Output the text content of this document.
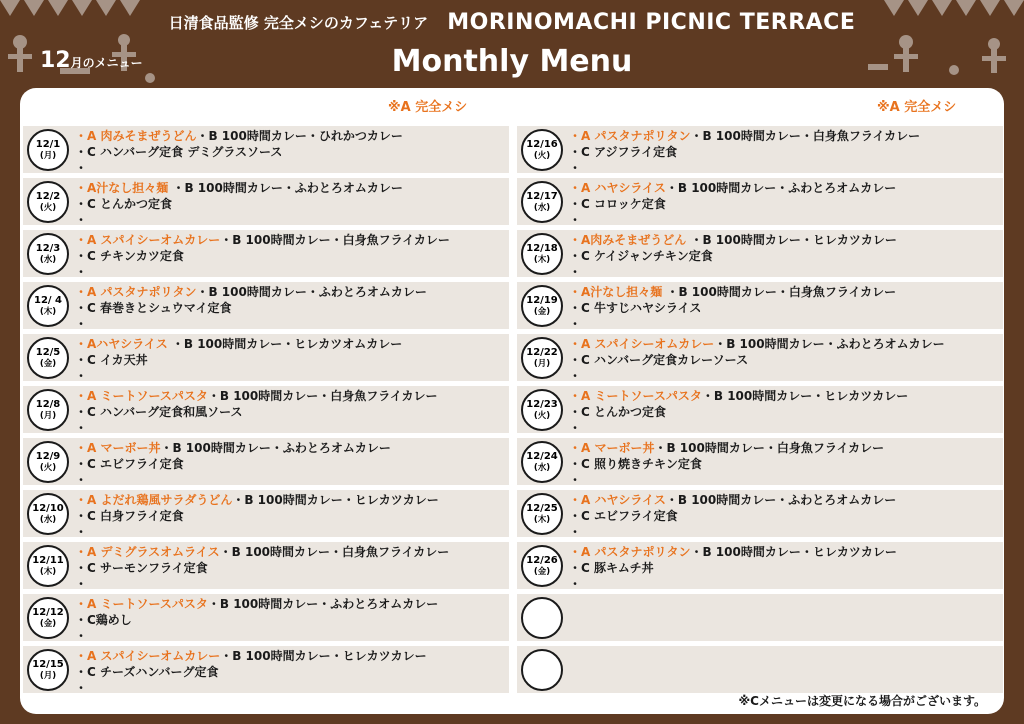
日清食品監修 完全メシのカフェテリア MORINOMACHI PICNIC TERRACE
Monthly Menu
12月のメニュー
※A 完全メシ	※A 完全メシ
12/1
(月)
・A 肉みそまぜうどん・B 100時間カレー・ひれかつカレー
・C ハンバーグ定食 デミグラスソース
・
12/2
(火)
・A汁なし担々麺 ・B 100時間カレー・ふわとろオムカレー
・C とんかつ定食
・
12/3
(水)
・A スパイシーオムカレー・B 100時間カレー・白身魚フライカレー
・C チキンカツ定食
・
12/ 4
(木)
・A パスタナポリタン・B 100時間カレー・ふわとろオムカレー
・C 春巻きとシュウマイ定食
・
12/5
(金)
・Aハヤシライス ・B 100時間カレー・ヒレカツオムカレー
・C イカ天丼
・
12/8
(月)
・A ミートソースパスタ・B 100時間カレー・白身魚フライカレー
・C ハンバーグ定食和風ソース
・
12/9
(火)
・A マーボー丼・B 100時間カレー・ふわとろオムカレー
・C エビフライ定食
・
12/10
(水)
・A よだれ鶏風サラダうどん・B 100時間カレー・ヒレカツカレー
・C 白身フライ定食
・
12/11
(木)
・A デミグラスオムライス・B 100時間カレー・白身魚フライカレー
・C サーモンフライ定食
・
12/12
(金)
・A ミートソースパスタ・B 100時間カレー・ふわとろオムカレー
・C鶏めし
・
12/15
(月)
・A スパイシーオムカレー・B 100時間カレー・ヒレカツカレー
・C チーズハンバーグ定食
・
12/16
(火)
・A パスタナポリタン・B 100時間カレー・白身魚フライカレー
・C アジフライ定食
・
12/17
(水)
・A ハヤシライス・B 100時間カレー・ふわとろオムカレー
・C コロッケ定食
・
12/18
(木)
・A肉みそまぜうどん ・B 100時間カレー・ヒレカツカレー
・C ケイジャンチキン定食
・
12/19
(金)
・A汁なし担々麺 ・B 100時間カレー・白身魚フライカレー
・C 牛すじハヤシライス
・
12/22
(月)
・A スパイシーオムカレー・B 100時間カレー・ふわとろオムカレー
・C ハンバーグ定食カレーソース
・
12/23
(火)
・A ミートソースパスタ・B 100時間カレー・ヒレカツカレー
・C とんかつ定食
・
12/24
(水)
・A マーボー丼・B 100時間カレー・白身魚フライカレー
・C 照り焼きチキン定食
・
12/25
(木)
・A ハヤシライス・B 100時間カレー・ふわとろオムカレー
・C エビフライ定食
・
12/26
(金)
・A パスタナポリタン・B 100時間カレー・ヒレカツカレー
・C 豚キムチ丼
・
※Cメニューは変更になる場合がございます。
